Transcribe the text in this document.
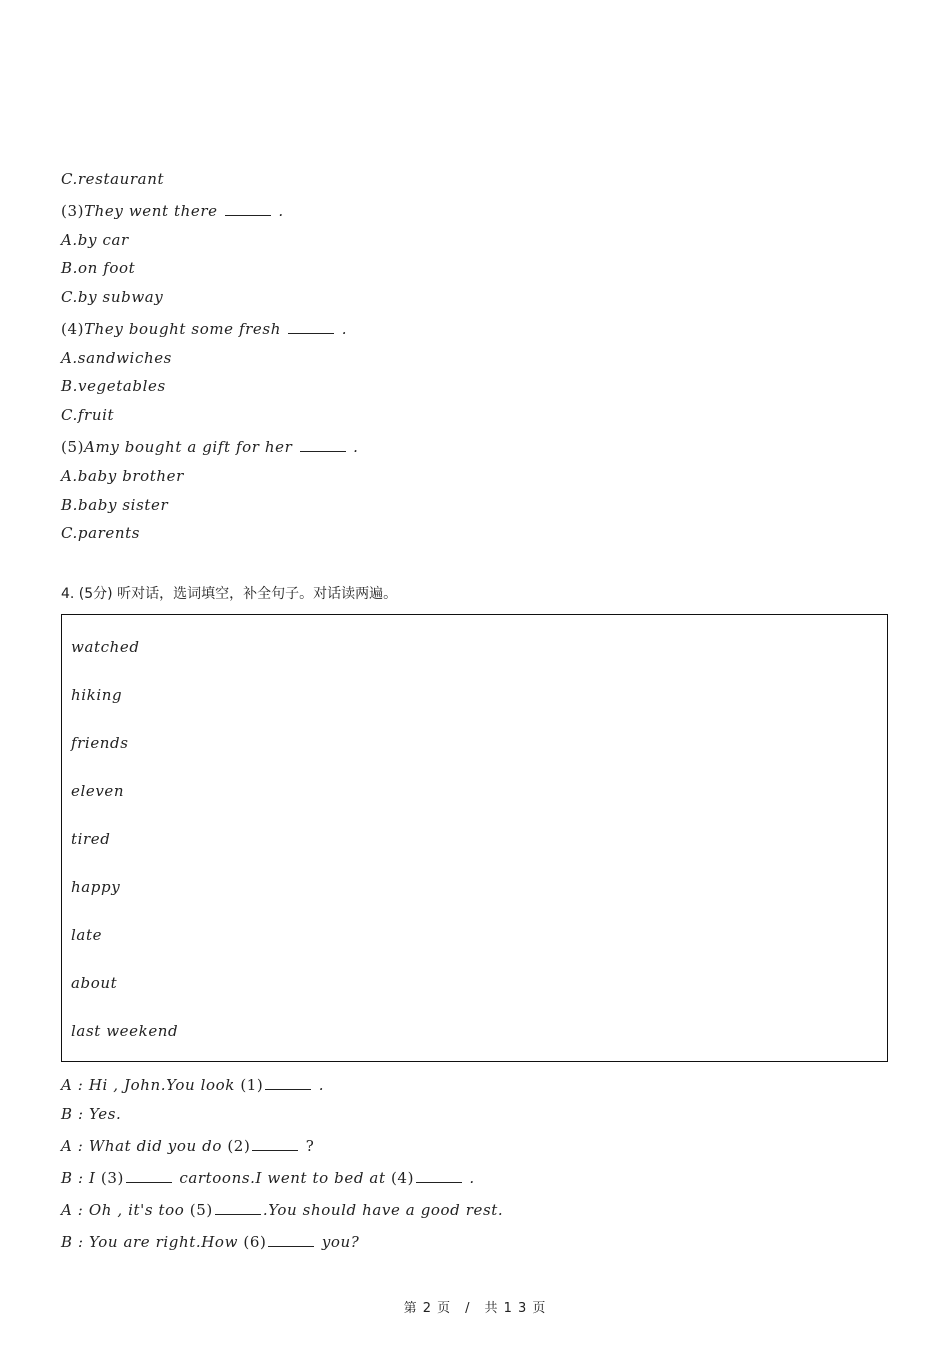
C.restaurant
(3)They went there	.
A.by car
B.on foot
C.by subway
(4)They bought some fresh	.
A.sandwiches
B.vegetables
C.fruit
(5)Amy bought a gift for her	.
A.baby brother
B.baby sister
C.parents
4. (5分) 听对话，选词填空，补全句子。对话读两遍。
watched
hiking
friends
eleven
tired
happy
late
about
last weekend
A : Hi , John.You look (1)	.
B : Yes.
A : What did you do (2)	?
B : I (3)	cartoons.I went to bed at (4)	.
A : Oh , it's too (5)	.You should have a good rest.
B : You are right.How (6)	you?
第 2 页　/　共 1 3 页
